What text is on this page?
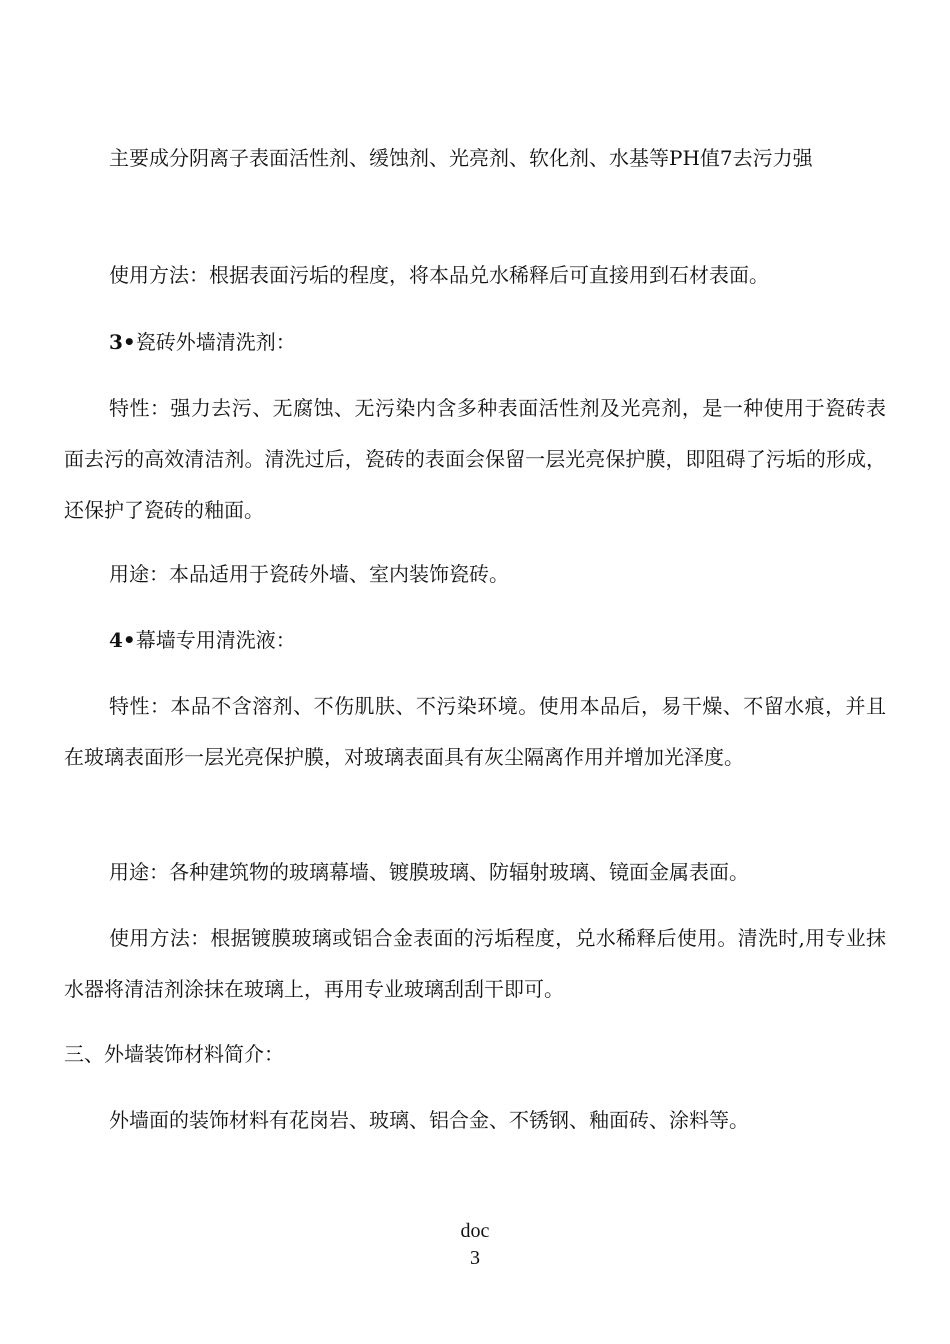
主要成分阴离子表面活性剂、缓蚀剂、光亮剂、软化剂、水基等PH值7去污力强

使用方法：根据表面污垢的程度，将本品兑水稀释后可直接用到石材表面。

3•瓷砖外墙清洗剂：

特性：强力去污、无腐蚀、无污染内含多种表面活性剂及光亮剂，是一种使用于瓷砖表面去污的高效清洁剂。清洗过后，瓷砖的表面会保留一层光亮保护膜，即阻碍了污垢的形成，还保护了瓷砖的釉面。

用途：本品适用于瓷砖外墙、室内装饰瓷砖。

4•幕墙专用清洗液：

特性：本品不含溶剂、不伤肌肤、不污染环境。使用本品后，易干燥、不留水痕，并且在玻璃表面形一层光亮保护膜，对玻璃表面具有灰尘隔离作用并增加光泽度。

用途：各种建筑物的玻璃幕墙、镀膜玻璃、防辐射玻璃、镜面金属表面。

使用方法：根据镀膜玻璃或铝合金表面的污垢程度，兑水稀释后使用。清洗时,用专业抹水器将清洁剂涂抹在玻璃上，再用专业玻璃刮刮干即可。

三、外墙装饰材料简介：

外墙面的装饰材料有花岗岩、玻璃、铝合金、不锈钢、釉面砖、涂料等。

doc
3
